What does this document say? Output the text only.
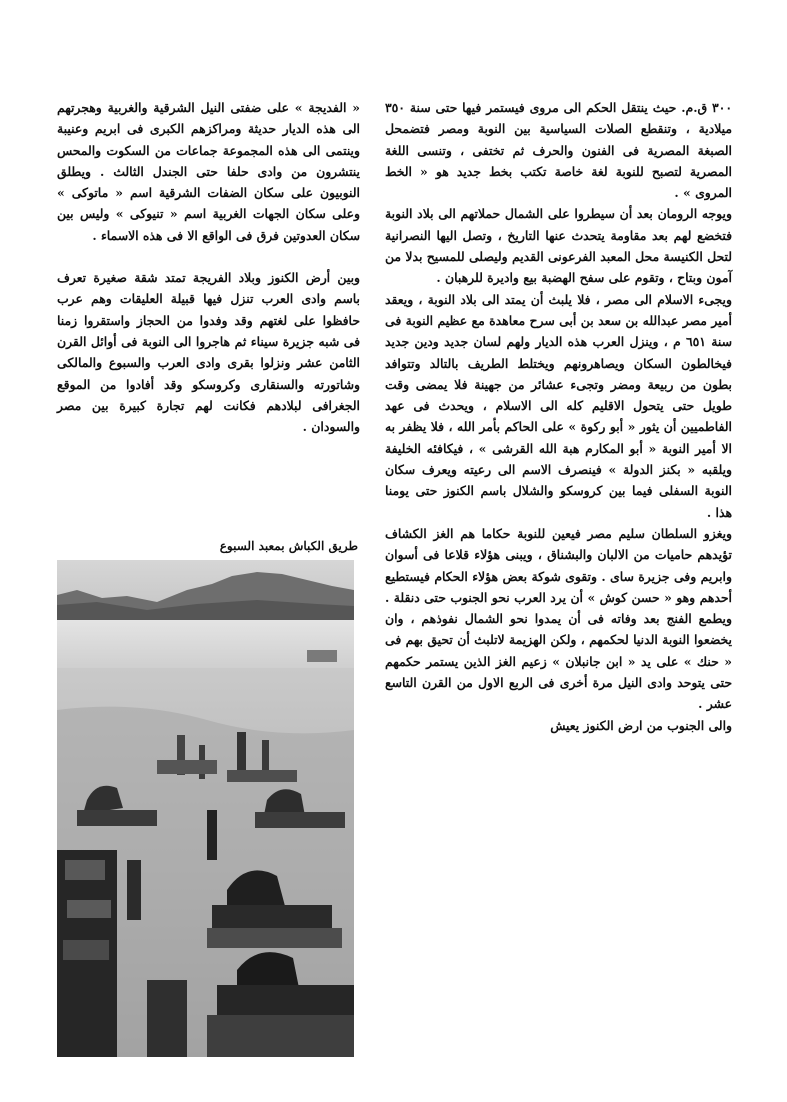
٣٠٠ ق.م. حيث ينتقل الحكم الى مروى فيستمر فيها حتى سنة ٣٥٠ ميلادية ، وتنقطع الصلات السياسية بين النوبة ومصر فتضمحل الصبغة المصرية فى الفنون والحرف ثم تختفى ، وتنسى اللغة المصرية لتصبح للنوبة لغة خاصة تكتب بخط جديد هو « الخط المروى » .

ويوجه الرومان بعد أن سيطروا على الشمال حملاتهم الى بلاد النوبة فتخضع لهم بعد مقاومة يتحدث عنها التاريخ ، وتصل اليها النصرانية لتحل الكنيسة محل المعبد الفرعونى القديم وليصلى للمسيح بدلا من آمون وبتاح ، وتقوم على سفح الهضبة بيع واديرة للرهبان .

ويجىء الاسلام الى مصر ، فلا يلبث أن يمتد الى بلاد النوبة ، ويعقد أمير مصر عبدالله بن سعد بن أبى سرح معاهدة مع عظيم النوبة فى سنة ٦٥١ م ، وينزل العرب هذه الديار ولهم لسان جديد ودين جديد فيخالطون السكان ويصاهرونهم ويختلط الطريف بالتالد وتتوافد بطون من ربيعة ومضر وتجىء عشائر من جهينة فلا يمضى وقت طويل حتى يتحول الاقليم كله الى الاسلام ، ويحدث فى عهد الفاطميين أن يثور « أبو ركوة » على الحاكم بأمر الله ، فلا يظفر به الا أمير النوبة « أبو المكارم هبة الله القرشى » ، فيكافئه الخليفة ويلقبه « بكنز الدولة » فينصرف الاسم الى رعيته ويعرف سكان النوبة السفلى فيما بين كروسكو والشلال باسم الكنوز حتى يومنا هذا .

ويغزو السلطان سليم مصر فيعين للنوبة حكاما هم الغز الكشاف تؤيدهم حاميات من الالبان والبشناق ، ويبنى هؤلاء قلاعا فى أسوان وابريم وفى جزيرة ساى . وتقوى شوكة بعض هؤلاء الحكام فيستطيع أحدهم وهو « حسن كوش » أن يرد العرب نحو الجنوب حتى دنقلة . ويطمع الفنج بعد وفاته فى أن يمدوا نحو الشمال نفوذهم ، وان يخضعوا النوبة الدنيا لحكمهم ، ولكن الهزيمة لاتلبث أن تحيق بهم فى « حنك » على يد « ابن جانبلان » زعيم الغز الذين يستمر حكمهم حتى يتوحد وادى النيل مرة أخرى فى الربع الاول من القرن التاسع عشر .

والى الجنوب من ارض الكنوز يعيش

« الفديجة » على ضفتى النيل الشرقية والغربية وهجرتهم الى هذه الديار حديثة ومراكزهم الكبرى فى ابريم وعنيبة وينتمى الى هذه المجموعة جماعات من السكوت والمحس ينتشرون من وادى حلفا حتى الجندل الثالث . ويطلق النوبيون على سكان الضفات الشرقية اسم « ماتوكى » وعلى سكان الجهات الغربية اسم « تنيوكى » وليس بين سكان العدوتين فرق فى الواقع الا فى هذه الاسماء .

وبين أرض الكنوز وبلاد الفريجة تمتد شقة صغيرة تعرف باسم وادى العرب تنزل فيها قبيلة العليقات وهم عرب حافظوا على لغتهم وقد وفدوا من الحجاز واستقروا زمنا فى شبه جزيرة سيناء ثم هاجروا الى النوبة فى أوائل القرن الثامن عشر ونزلوا بقرى وادى العرب والسبوع والمالكى وشاتورته والسنقارى وكروسكو وقد أفادوا من الموقع الجغرافى لبلادهم فكانت لهم تجارة كبيرة بين مصر والسودان .

طريق الكباش بمعبد السبوع
